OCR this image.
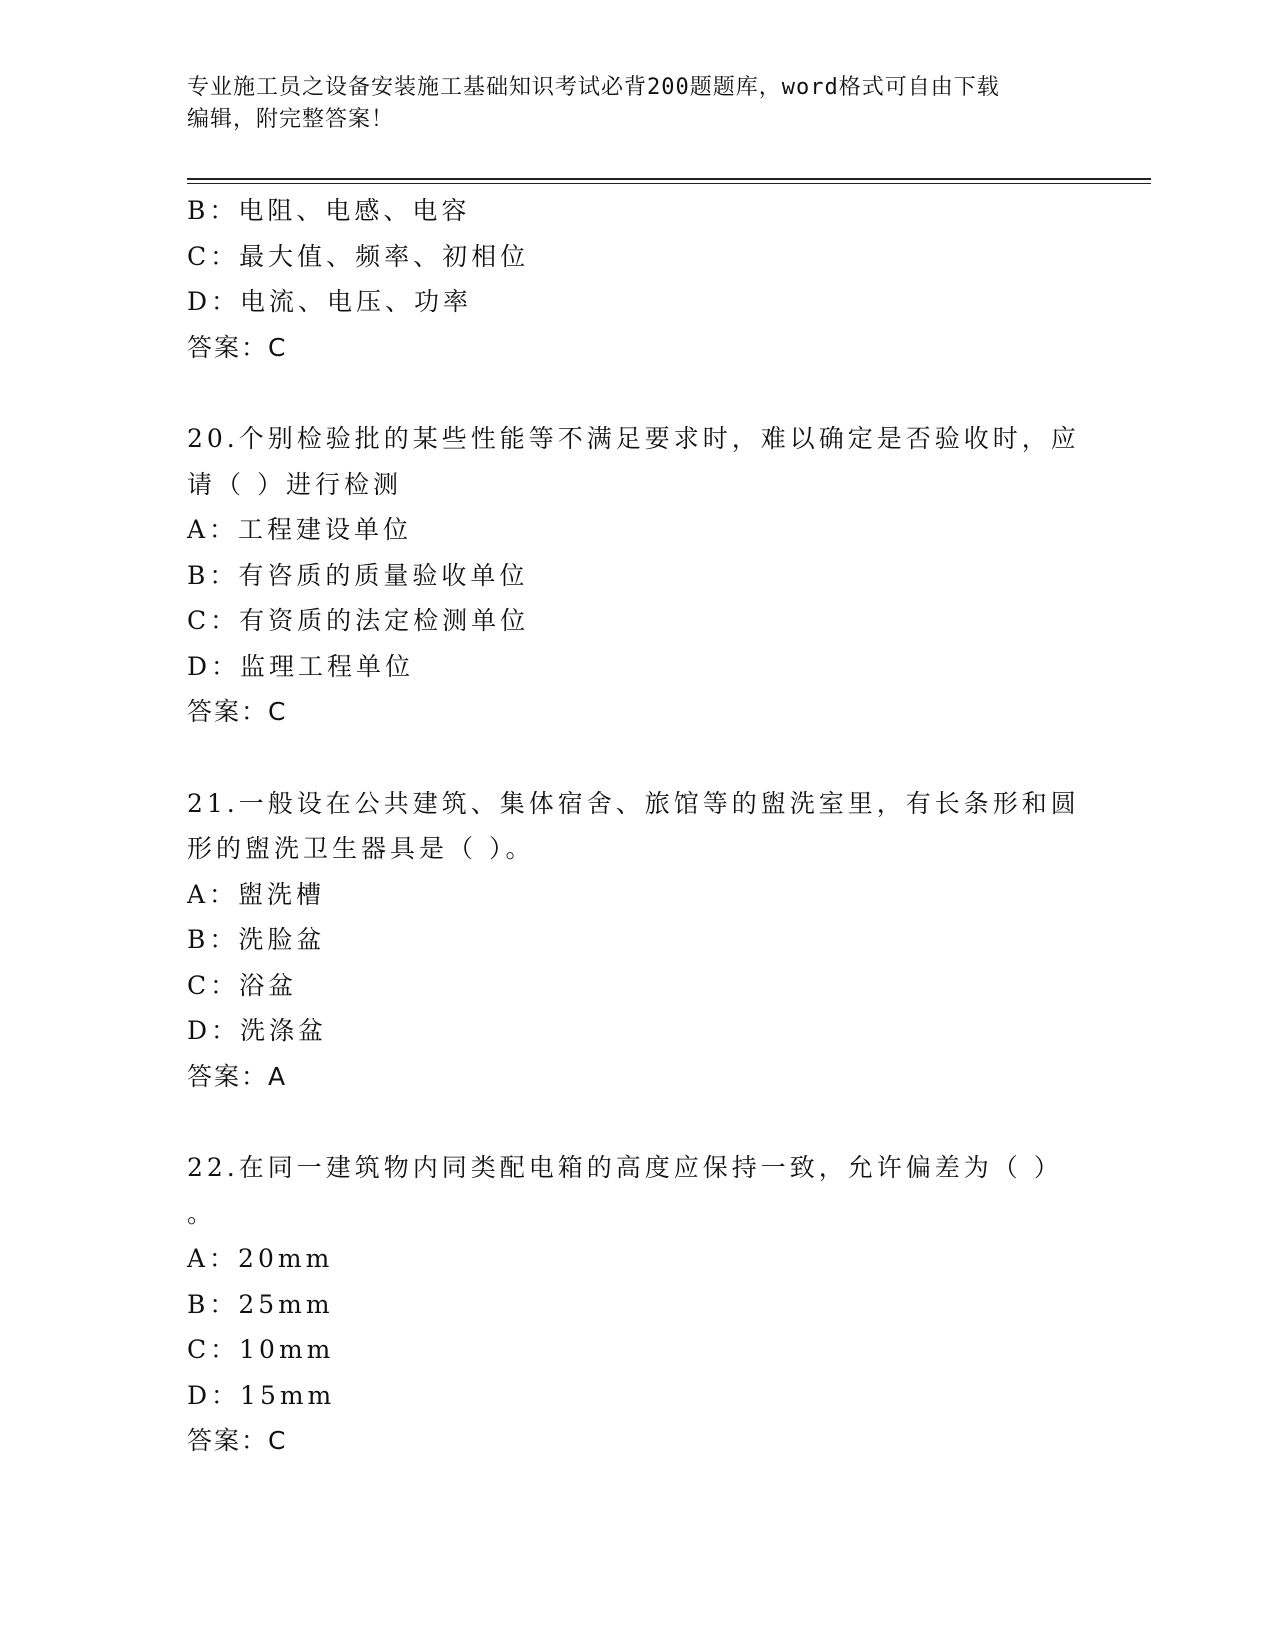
专业施工员之设备安装施工基础知识考试必背200题题库，word格式可自由下载
编辑，附完整答案！
B：电阻、电感、电容
C：最大值、频率、初相位
D：电流、电压、功率
答案：C
20.个别检验批的某些性能等不满足要求时，难以确定是否验收时，应
请（ ）进行检测
A：工程建设单位
B：有咨质的质量验收单位
C：有资质的法定检测单位
D：监理工程单位
答案：C
21.一般设在公共建筑、集体宿舍、旅馆等的盥洗室里，有长条形和圆
形的盥洗卫生器具是（ ）。
A：盥洗槽
B：洗脸盆
C：浴盆
D：洗涤盆
答案：A
22.在同一建筑物内同类配电箱的高度应保持一致，允许偏差为（ ）
。
A：20mm
B：25mm
C：10mm
D：15mm
答案：C
